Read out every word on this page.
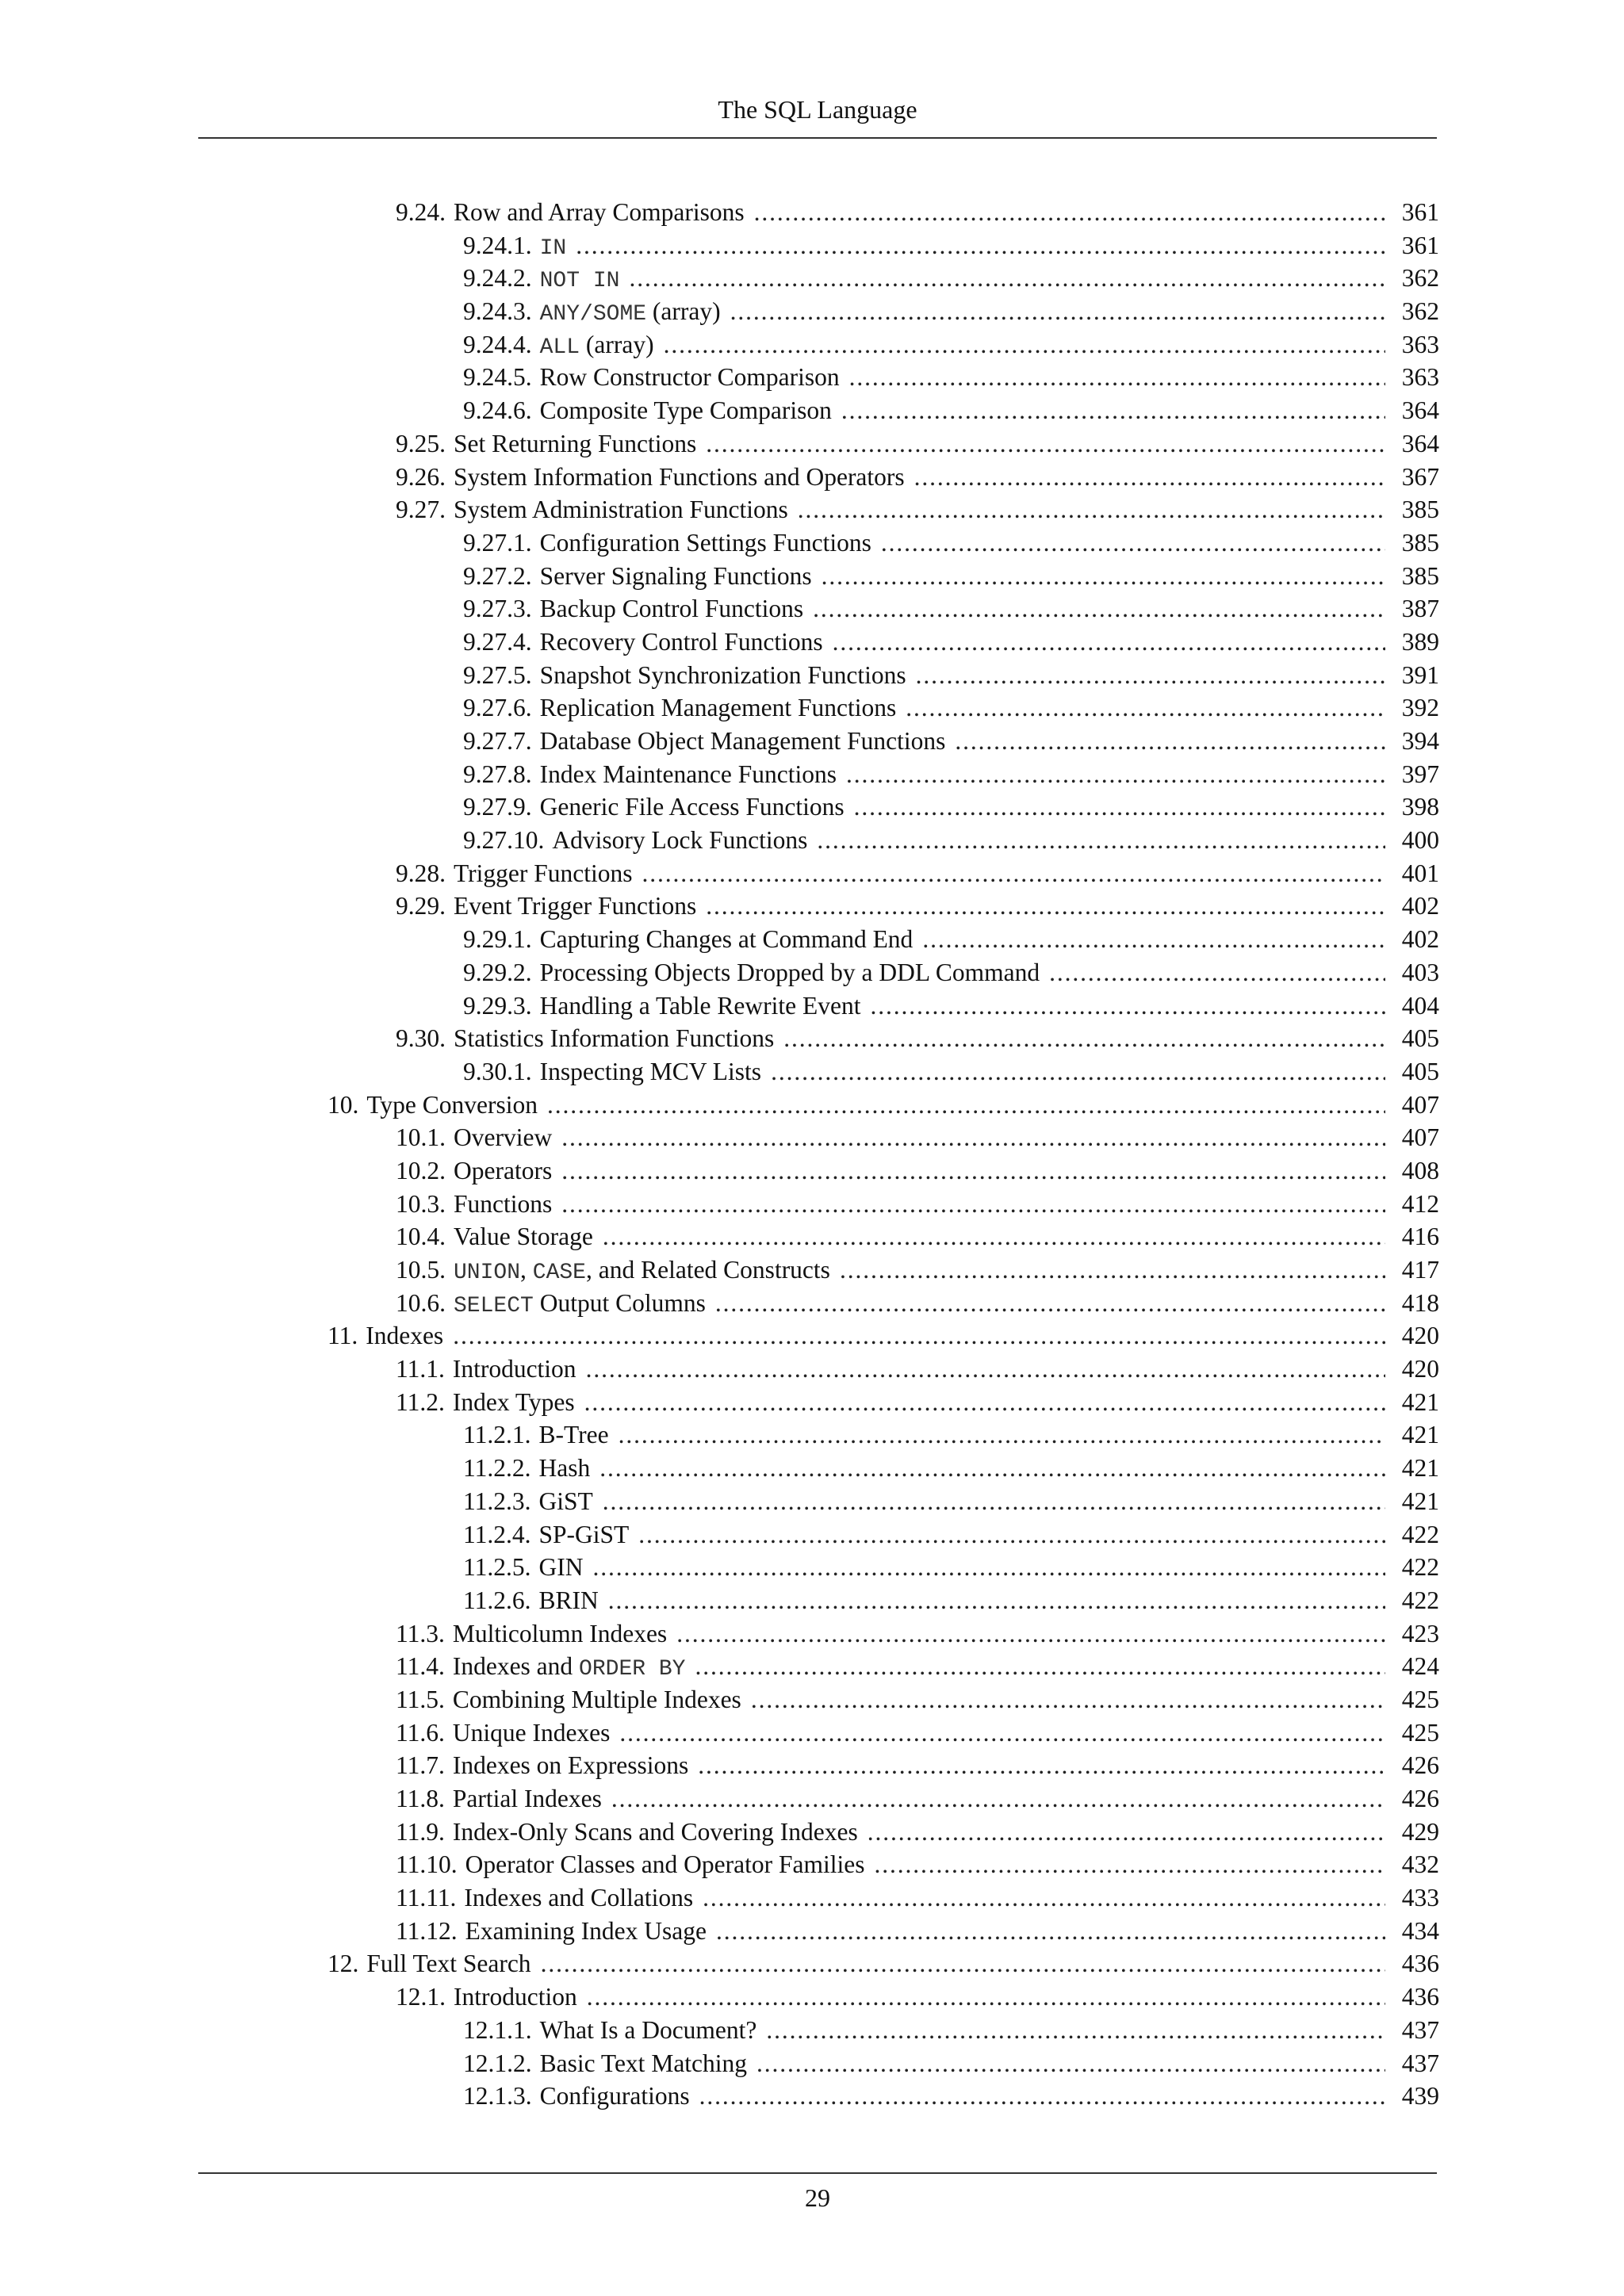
The SQL Language
9.24. Row and Array Comparisons . . .	361
9.24.1. IN . . .	361
9.24.2. NOT IN . . .	362
9.24.3. ANY/SOME (array) . . .	362
9.24.4. ALL (array) . . .	363
9.24.5. Row Constructor Comparison . . .	363
9.24.6. Composite Type Comparison . . .	364
9.25. Set Returning Functions . . .	364
9.26. System Information Functions and Operators . . .	367
9.27. System Administration Functions . . .	385
9.27.1. Configuration Settings Functions . . .	385
9.27.2. Server Signaling Functions . . .	385
9.27.3. Backup Control Functions . . .	387
9.27.4. Recovery Control Functions . . .	389
9.27.5. Snapshot Synchronization Functions . . .	391
9.27.6. Replication Management Functions . . .	392
9.27.7. Database Object Management Functions . . .	394
9.27.8. Index Maintenance Functions . . .	397
9.27.9. Generic File Access Functions . . .	398
9.27.10. Advisory Lock Functions . . .	400
9.28. Trigger Functions . . .	401
9.29. Event Trigger Functions . . .	402
9.29.1. Capturing Changes at Command End . . .	402
9.29.2. Processing Objects Dropped by a DDL Command . . .	403
9.29.3. Handling a Table Rewrite Event . . .	404
9.30. Statistics Information Functions . . .	405
9.30.1. Inspecting MCV Lists . . .	405
10. Type Conversion . . .	407
10.1. Overview . . .	407
10.2. Operators . . .	408
10.3. Functions . . .	412
10.4. Value Storage . . .	416
10.5. UNION, CASE, and Related Constructs . . .	417
10.6. SELECT Output Columns . . .	418
11. Indexes . . .	420
11.1. Introduction . . .	420
11.2. Index Types . . .	421
11.2.1. B-Tree . . .	421
11.2.2. Hash . . .	421
11.2.3. GiST . . .	421
11.2.4. SP-GiST . . .	422
11.2.5. GIN . . .	422
11.2.6. BRIN . . .	422
11.3. Multicolumn Indexes . . .	423
11.4. Indexes and ORDER BY . . .	424
11.5. Combining Multiple Indexes . . .	425
11.6. Unique Indexes . . .	425
11.7. Indexes on Expressions . . .	426
11.8. Partial Indexes . . .	426
11.9. Index-Only Scans and Covering Indexes . . .	429
11.10. Operator Classes and Operator Families . . .	432
11.11. Indexes and Collations . . .	433
11.12. Examining Index Usage . . .	434
12. Full Text Search . . .	436
12.1. Introduction . . .	436
12.1.1. What Is a Document? . . .	437
12.1.2. Basic Text Matching . . .	437
12.1.3. Configurations . . .	439
29
